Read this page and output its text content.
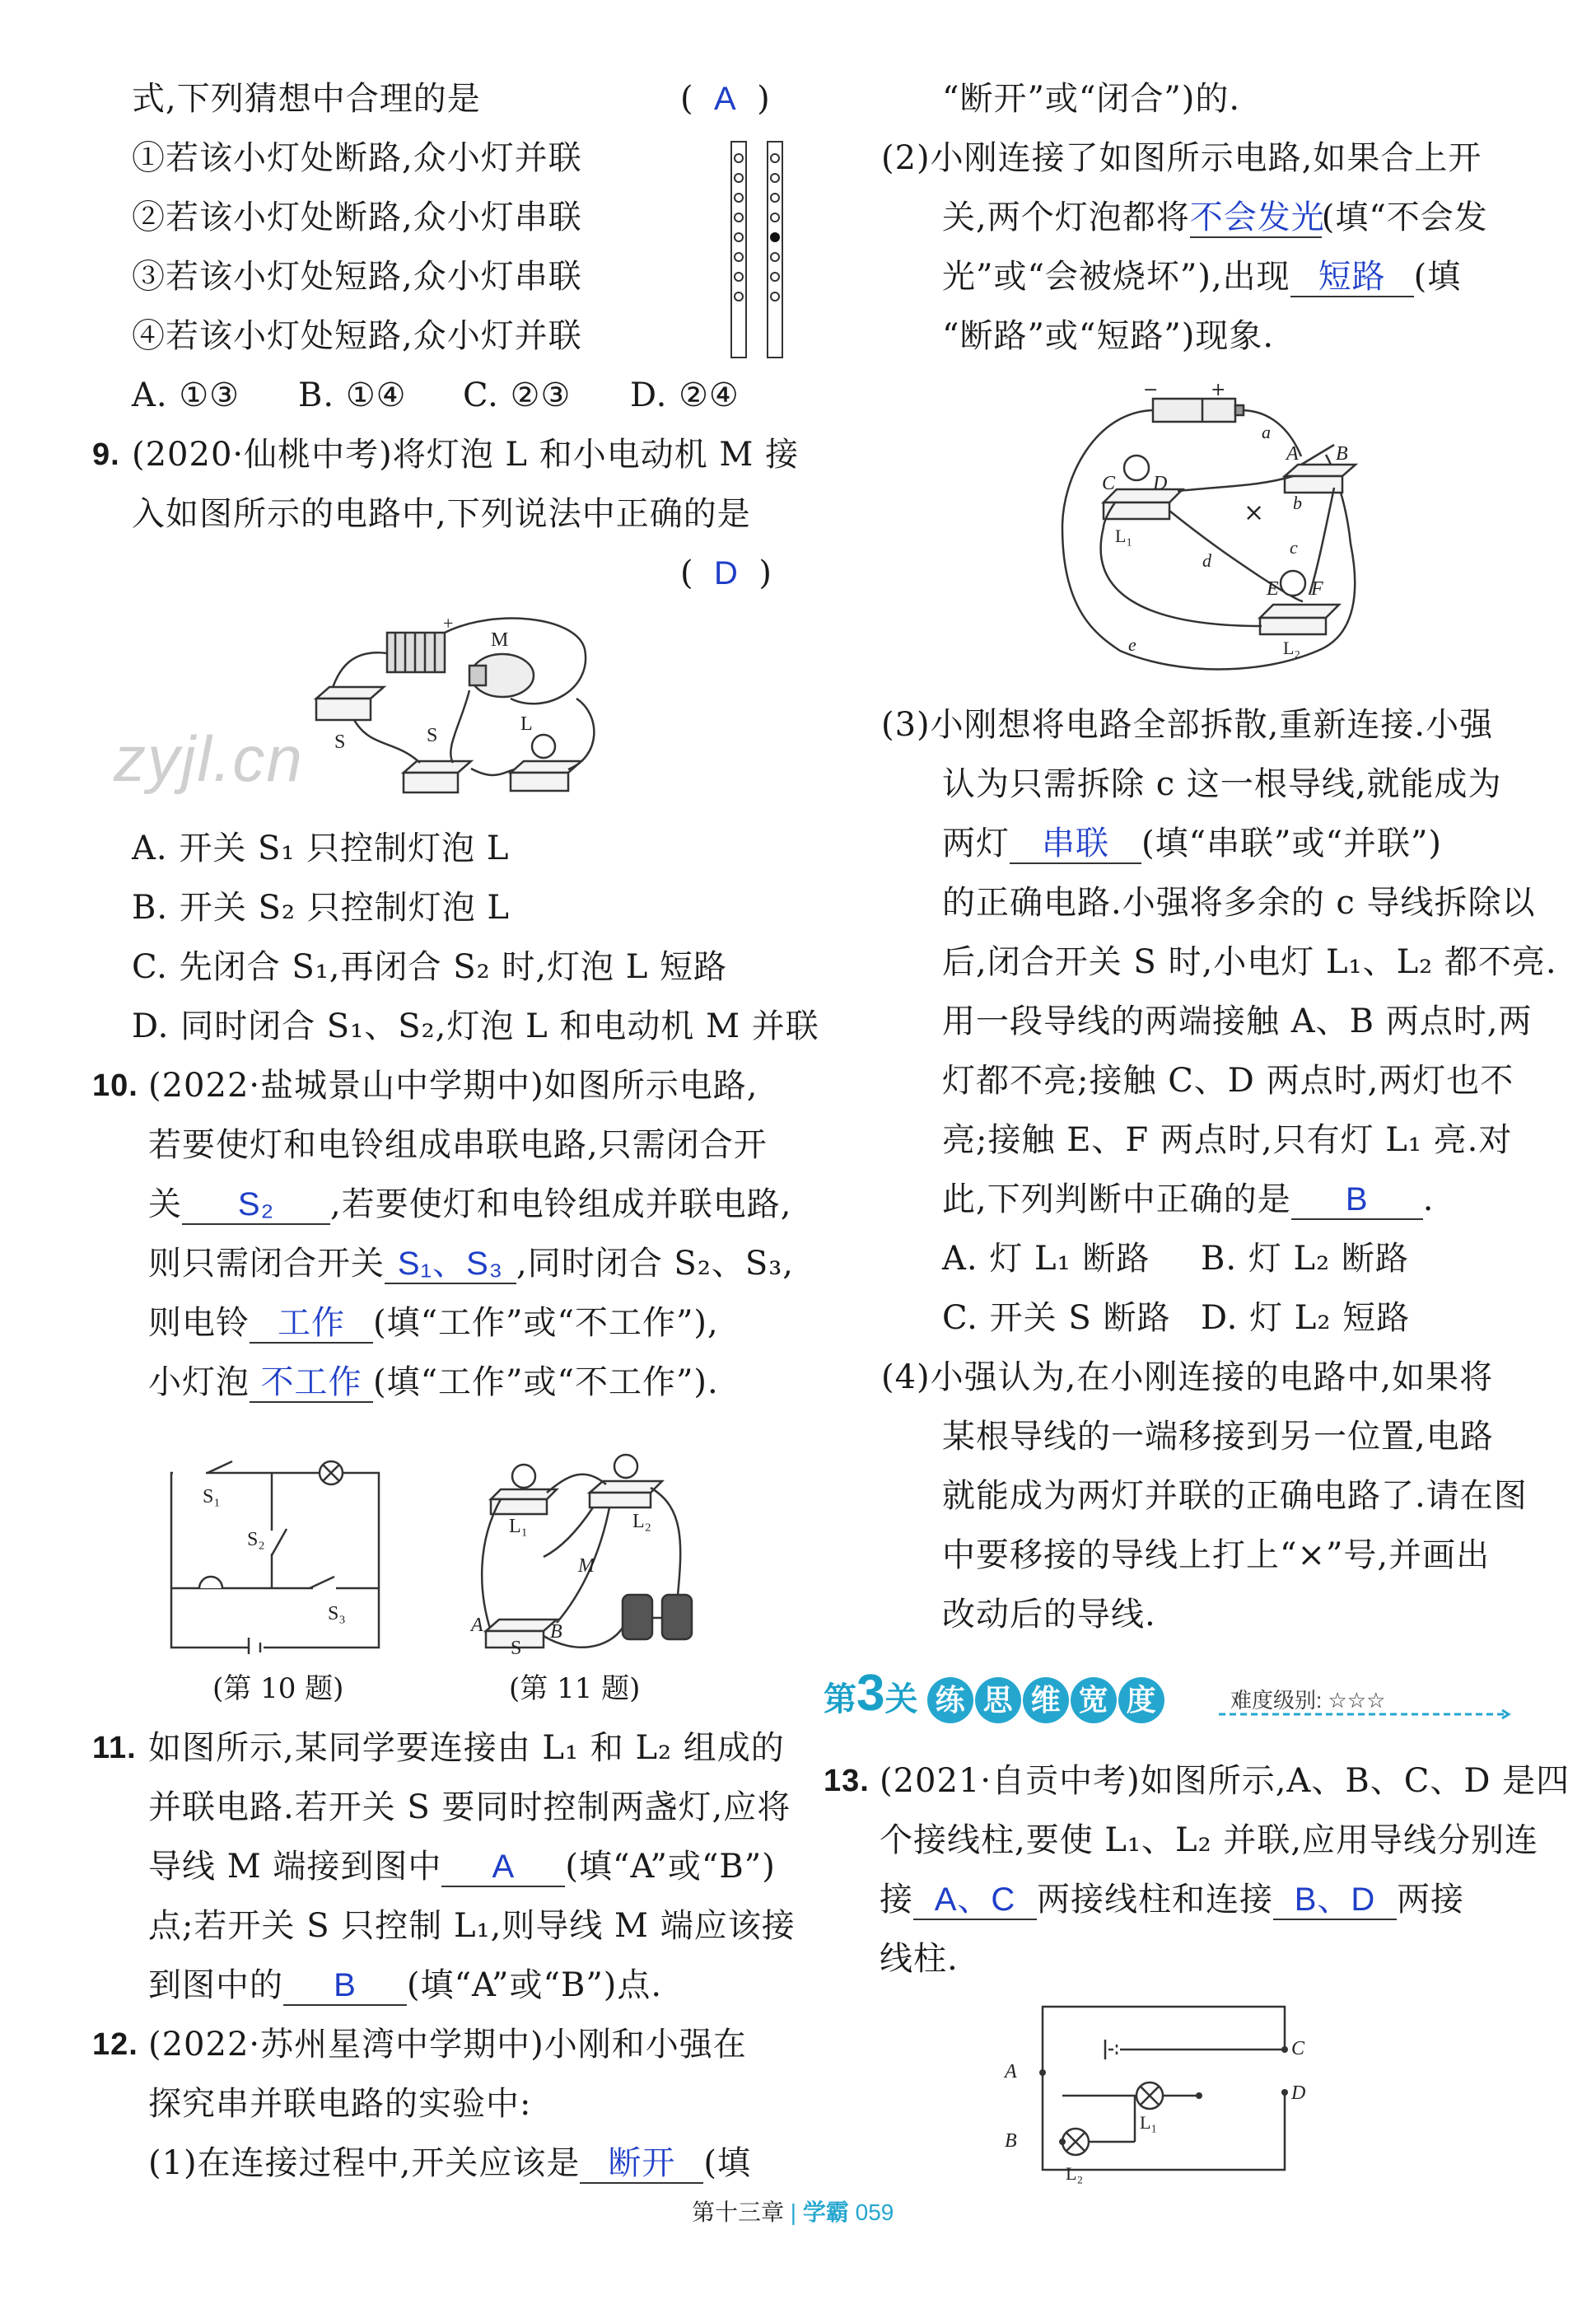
式,下列猜想中合理的是	(  A  )
①若该小灯处断路,众小灯并联
②若该小灯处断路,众小灯串联
③若该小灯处短路,众小灯串联
④若该小灯处短路,众小灯并联
A. ①③ B. ①④ C. ②③ D. ②④
9. (2020·仙桃中考)将灯泡 L 和小电动机 M 接
入如图所示的电路中,下列说法中正确的是
(  D  )
M
+
S	S
L
zyjl.cn
A. 开关 S₁ 只控制灯泡 L
B. 开关 S₂ 只控制灯泡 L
C. 先闭合 S₁,再闭合 S₂ 时,灯泡 L 短路
D. 同时闭合 S₁、S₂,灯泡 L 和电动机 M 并联
10. (2022·盐城景山中学期中)如图所示电路,
若要使灯和电铃组成串联电路,只需闭合开
关 S₂ ,若要使灯和电铃组成并联电路,
则只需闭合开关 S₁、S₃ ,同时闭合 S₂、S₃,
则电铃 工作 (填“工作”或“不工作”),
小灯泡 不工作 (填“工作”或“不工作”).
S₁
S₂
S₃
L₁	L₂
M
A	B
S
(第 10 题)	(第 11 题)
11. 如图所示,某同学要连接由 L₁ 和 L₂ 组成的
并联电路.若开关 S 要同时控制两盏灯,应将
导线 M 端接到图中 A (填“A”或“B”)
点;若开关 S 只控制 L₁,则导线 M 端应该接
到图中的 B (填“A”或“B”)点.
12. (2022·苏州星湾中学期中)小刚和小强在
探究串并联电路的实验中:
(1)在连接过程中,开关应该是 断开 (填
“断开”或“闭合”)的.
(2)小刚连接了如图所示电路,如果合上开
关,两个灯泡都将不会发光(填“不会发
光”或“会被烧坏”),出现 短路 (填
“断路”或“短路”)现象.
+
−
a
A B
C D
× b
L₁
d
c
E F
L₂
e
(3)小刚想将电路全部拆散,重新连接.小强
认为只需拆除 c 这一根导线,就能成为
两灯 串联 (填“串联”或“并联”)
的正确电路.小强将多余的 c 导线拆除以
后,闭合开关 S 时,小电灯 L₁、L₂ 都不亮.
用一段导线的两端接触 A、B 两点时,两
灯都不亮;接触 C、D 两点时,两灯也不
亮;接触 E、F 两点时,只有灯 L₁ 亮.对
此,下列判断中正确的是 B .
A. 灯 L₁ 断路 B. 灯 L₂ 断路
C. 开关 S 断路 D. 灯 L₂ 短路
(4)小强认为,在小刚连接的电路中,如果将
某根导线的一端移接到另一位置,电路
就能成为两灯并联的正确电路了.请在图
中要移接的导线上打上“×”号,并画出
改动后的导线.
第3关 练 思 维 宽 度	难度级别: ☆☆☆
13. (2021·自贡中考)如图所示,A、B、C、D 是四
个接线柱,要使 L₁、L₂ 并联,应用导线分别连
接 A、C 两接线柱和连接 B、D 两接
线柱.
A
B
C
D
L₁
L₂
第十三章 | 学霸 059
